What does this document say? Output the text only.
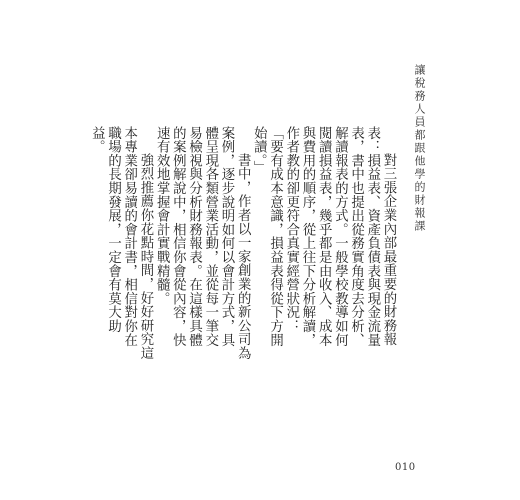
讓稅務人員都跟他學的財報課

對三張企業內部最重要的財務報表：損益表、資產負債表與現金流量表，書中也提出從務實角度去分析、解讀報表的方式。一般學校教導如何閱讀損益表，幾乎都是由收入、成本與費用的順序，從上往下分析解讀，作者教的卻更符合真實經營狀況：「要有成本意識，損益表得從下方開始讀。」

書中，作者以一家創業的新公司為案例，逐步說明如何以會計方式，具體呈現各類營業活動，並從每一筆交易檢視與分析財務報表。在這樣具體的案例解說中，相信你會從內容，快速有效地掌握會計實戰精髓。

強烈推薦你花點時間，好好研究這本專業卻易讀的會計書，相信對你在職場的長期發展，一定會有莫大助益。

010
